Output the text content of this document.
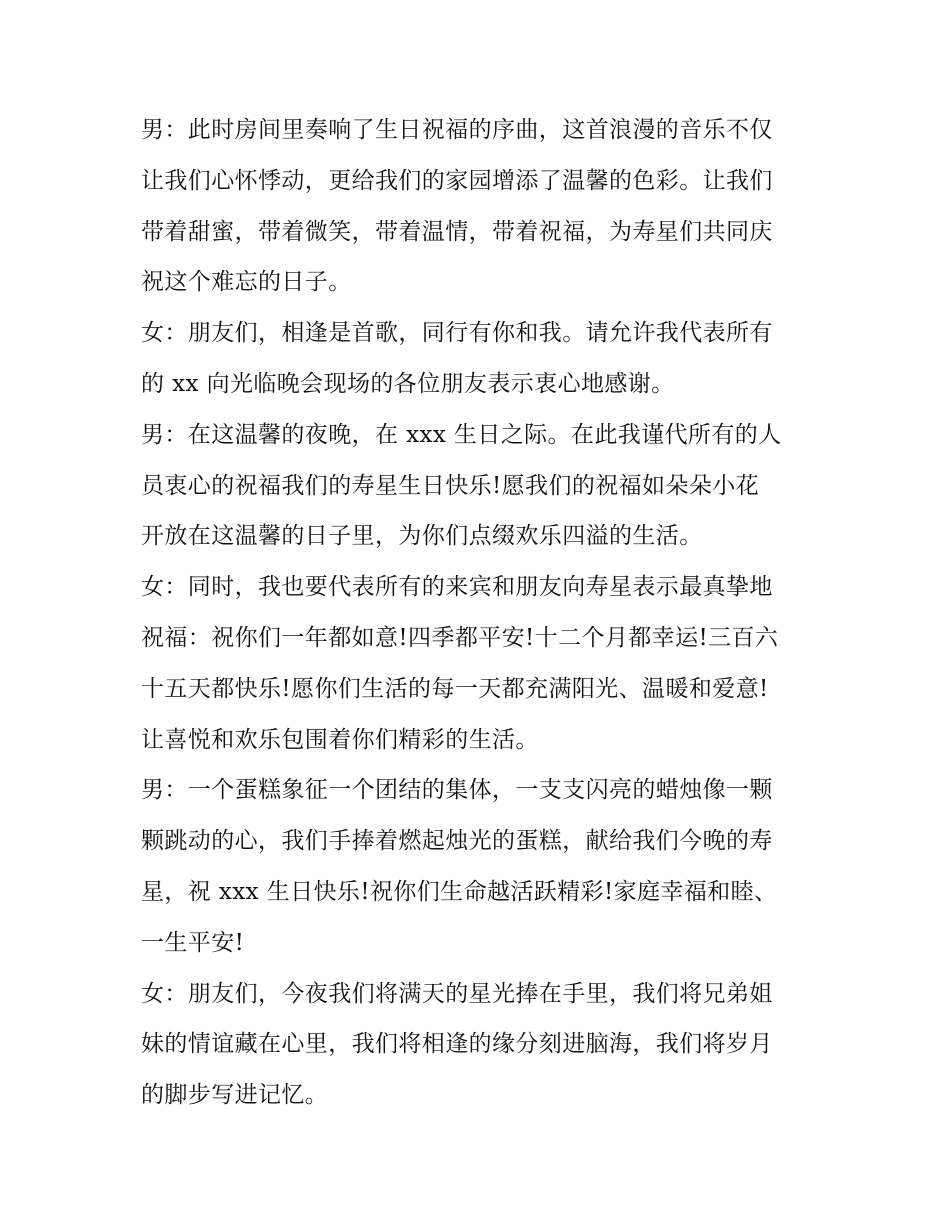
男：此时房间里奏响了生日祝福的序曲，这首浪漫的音乐不仅
让我们心怀悸动，更给我们的家园增添了温馨的色彩。让我们
带着甜蜜，带着微笑，带着温情，带着祝福，为寿星们共同庆
祝这个难忘的日子。
女：朋友们，相逢是首歌，同行有你和我。请允许我代表所有
的 xx 向光临晚会现场的各位朋友表示衷心地感谢。
男：在这温馨的夜晚，在 xxx 生日之际。在此我谨代所有的人
员衷心的祝福我们的寿星生日快乐!愿我们的祝福如朵朵小花
开放在这温馨的日子里，为你们点缀欢乐四溢的生活。
女：同时，我也要代表所有的来宾和朋友向寿星表示最真挚地
祝福：祝你们一年都如意!四季都平安!十二个月都幸运!三百六
十五天都快乐!愿你们生活的每一天都充满阳光、温暖和爱意!
让喜悦和欢乐包围着你们精彩的生活。
男：一个蛋糕象征一个团结的集体，一支支闪亮的蜡烛像一颗
颗跳动的心，我们手捧着燃起烛光的蛋糕，献给我们今晚的寿
星，祝 xxx 生日快乐!祝你们生命越活跃精彩!家庭幸福和睦、
一生平安!
女：朋友们，今夜我们将满天的星光捧在手里，我们将兄弟姐
妹的情谊藏在心里，我们将相逢的缘分刻进脑海，我们将岁月
的脚步写进记忆。
